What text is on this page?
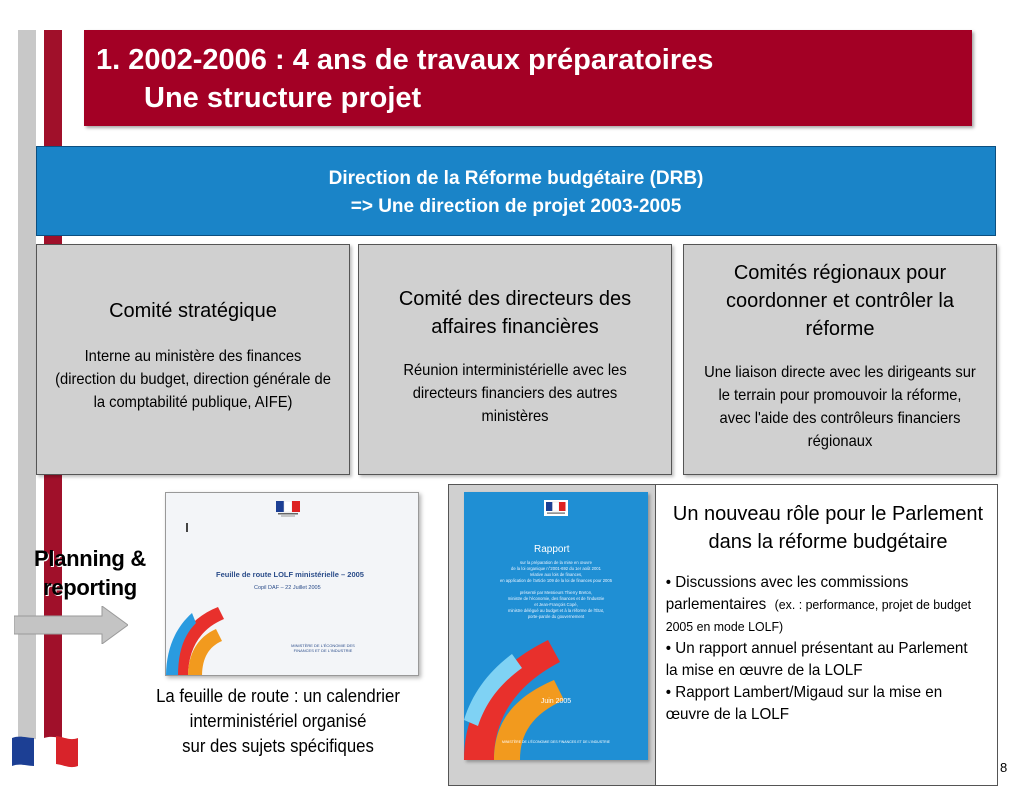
1. 2002-2006 : 4 ans de travaux préparatoires
Une structure projet
Direction de la Réforme budgétaire (DRB)
=> Une direction de projet 2003-2005
Comité stratégique
Interne au ministère des finances (direction du budget, direction générale de la comptabilité publique, AIFE)
Comité des directeurs des affaires financières
Réunion interministérielle avec les directeurs financiers des autres ministères
Comités régionaux pour coordonner et contrôler la réforme
Une liaison directe avec les dirigeants sur le terrain pour promouvoir la réforme, avec l'aide des contrôleurs financiers régionaux
Planning &
reporting
Feuille de route LOLF ministérielle – 2005
Copil DAF – 22 Juillet 2005
MINISTÈRE DE L'ÉCONOMIE DES FINANCES ET DE L'INDUSTRIE
La feuille de route : un calendrier
interministériel organisé
sur des sujets spécifiques
Rapport
sur la préparation de la mise en œuvre
de la loi organique n°2001-692 du 1er août 2001
relative aux lois de finances,
en application de l'article 109 de la loi de finances pour 2005
présenté par Messieurs Thierry Breton,
ministre de l'économie, des finances et de l'industrie
et Jean-François Copé,
ministre délégué au budget et à la réforme de l'État,
porte-parole du gouvernement
Juin 2005
MINISTÈRE DE L'ÉCONOMIE DES FINANCES ET DE L'INDUSTRIE
Un nouveau rôle pour le Parlement dans la réforme budgétaire
• Discussions avec les commissions parlementaires (ex. : performance, projet de budget 2005 en mode LOLF)
• Un rapport annuel présentant au Parlement la mise en œuvre de la LOLF
• Rapport Lambert/Migaud sur la mise en œuvre de la LOLF
8
